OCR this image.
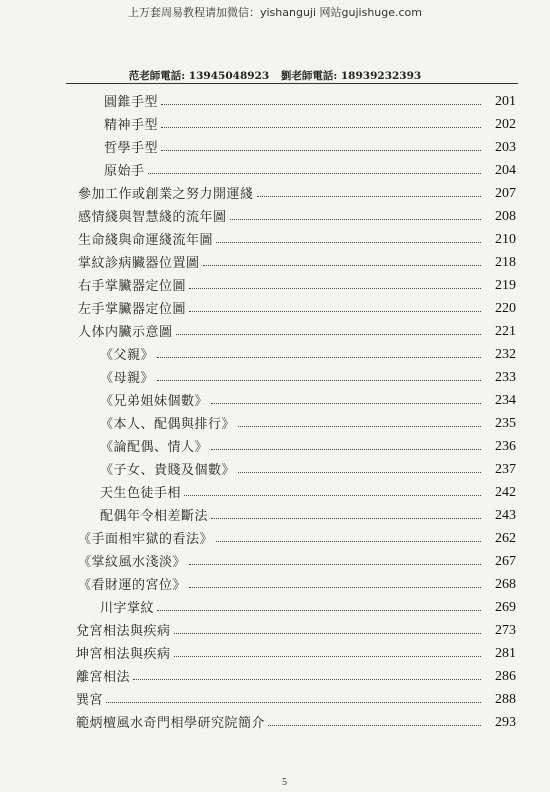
上万套周易教程请加微信：yishanguji 网站gujishuge.com
范老師電話: 13945048923 劉老師電話: 18939232393
圓錐手型	201
精神手型	202
哲學手型	203
原始手	204
參加工作或創業之努力開運綫	207
感情綫與智慧綫的流年圖	208
生命綫與命運綫流年圖	210
掌紋診病臟器位置圖	218
右手掌臟器定位圖	219
左手掌臟器定位圖	220
人体内臟示意圖	221
《父親》	232
《母親》	233
《兄弟姐妹個數》	234
《本人、配偶與排行》	235
《論配偶、情人》	236
《子女、貴賤及個數》	237
天生色徒手相	242
配偶年令相差斷法	243
《手面相牢獄的看法》	262
《掌紋風水淺淡》	267
《看財運的宮位》	268
川字掌紋	269
兌宮相法與疾病	273
坤宮相法與疾病	281
離宮相法	286
巽宮	288
範炳檀風水奇門相學研究院簡介	293
5
